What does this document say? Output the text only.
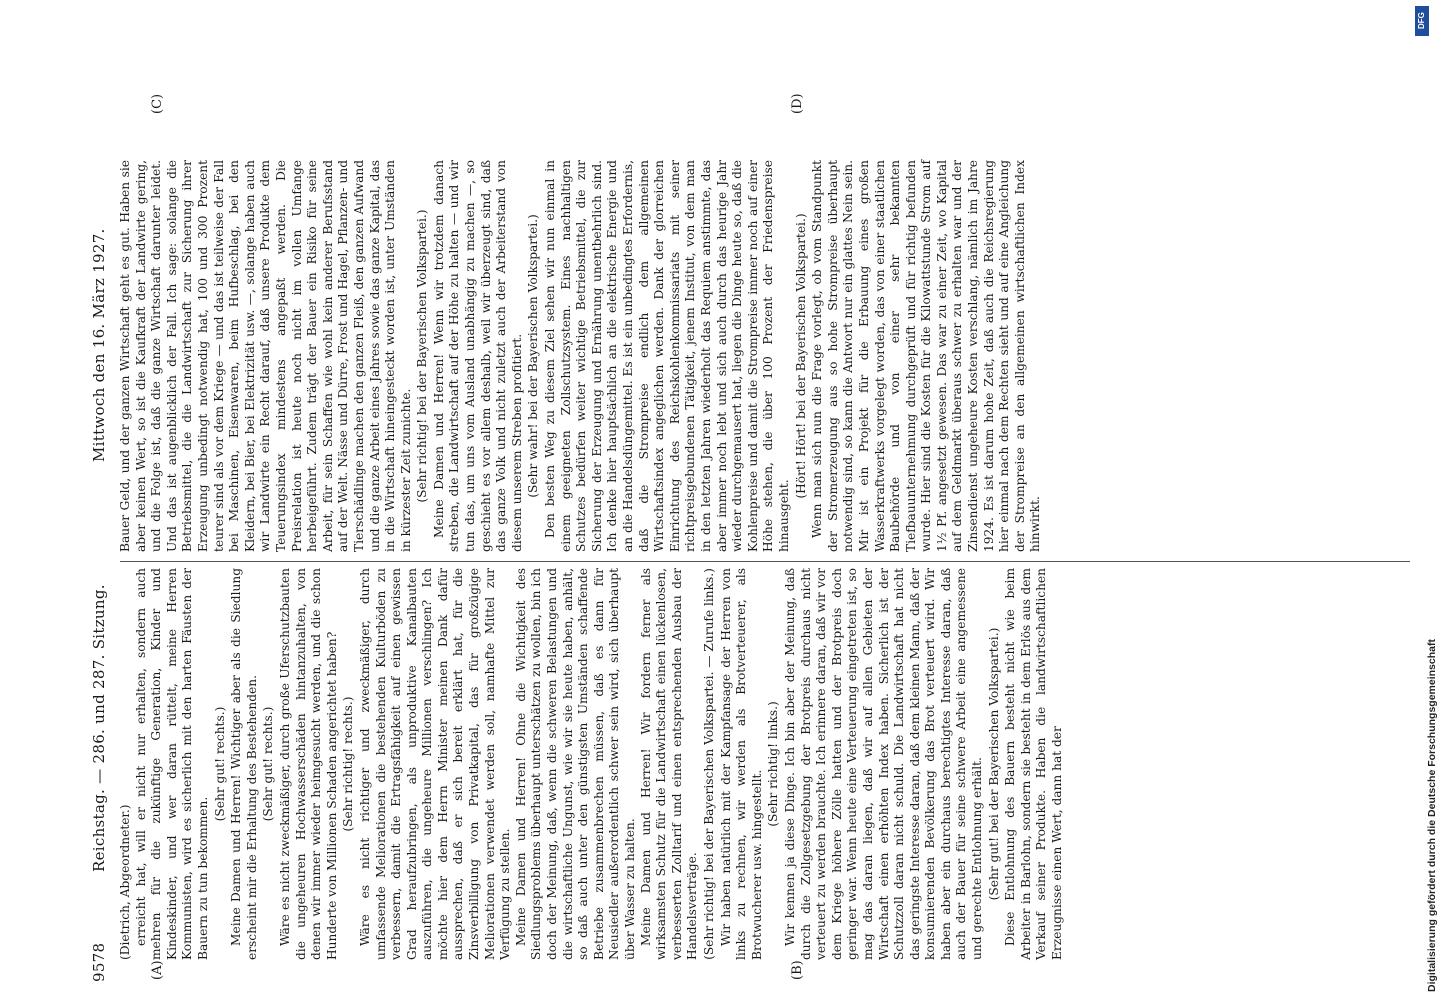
9578
Reichstag. — 286. und 287. Sitzung.
Mittwoch den 16. März 1927.
(A)	(B)
(C)	(D)

(Dietrich, Abgeordneter.) erreicht hat, will er nicht nur erhalten, sondern auch mehren für die zukünftige Generation, Kinder und Kindeskinder, und wer daran rüttelt, meine Herren Kommunisten, wird es sicherlich mit den harten Fäusten der Bauern zu tun bekommen.

(Sehr gut! rechts.) Meine Damen und Herren! Wichtiger aber als die Siedlung erscheint mir die Erhaltung des Bestehenden. (Sehr gut! rechts.) Wäre es nicht zweckmäßiger, durch große Uferschutzbauten die ungeheuren Hochwasserschäden hintanzuhalten, von denen wir immer wieder heimgesucht werden, und die schon Hunderte von Millionen Schaden angerichtet haben? (Sehr richtig! rechts.) Wäre es nicht richtiger und zweckmäßiger, durch umfassende Meliorationen die bestehenden Kulturböden zu verbessern, damit die Ertragsfähigkeit auf einen gewissen Grad heraufzubringen, als unproduktive Kanalbauten auszuführen, die ungeheure Millionen verschlingen? Ich möchte hier dem Herrn Minister meinen Dank dafür aussprechen, daß er sich bereit erklärt hat, für die Zinsverbilligung von Privatkapital, das für großzügige Meliorationen verwendet werden soll, namhafte Mittel zur Verfügung zu stellen. Meine Damen und Herren! Ohne die Wichtigkeit des Siedlungsproblems überhaupt unterschätzen zu wollen, bin ich doch der Meinung, daß, wenn die schweren Belastungen und die wirtschaftliche Ungunst, wie wir sie heute haben, anhält, so daß auch unter den günstigsten Umständen schaffende Betriebe zusammenbrechen müssen, daß es dann für Neusiedler außerordentlich schwer sein wird, sich überhaupt über Wasser zu halten. Meine Damen und Herren! Wir fordern ferner als wirksamsten Schutz für die Landwirtschaft einen lückenlosen, verbesserten Zolltarif und einen entsprechenden Ausbau der Handelsverträge. (Sehr richtig! bei der Bayerischen Volkspartei. — Zurufe links.) Wir haben natürlich mit der Kampfansage der Herren von links zu rechnen, wir werden als Brotverteuerer, als Brotwucherer usw. hingestellt.

(Sehr richtig! links.) Wir kennen ja diese Dinge. Ich bin aber der Meinung, daß durch die Zollgesetzgebung der Brotpreis durchaus nicht verteuert zu werden brauchte. Ich erinnere daran, daß wir vor dem Kriege höhere Zölle hatten und der Brotpreis doch geringer war. Wenn heute eine Verteuerung eingetreten ist, so mag das daran liegen, daß wir auf allen Gebieten der Wirtschaft einen erhöhten Index haben. Sicherlich ist der Schutzzoll daran nicht schuld. Die Landwirtschaft hat nicht das geringste Interesse daran, daß dem kleinen Mann, daß der konsumierenden Bevölkerung das Brot verteuert wird. Wir haben aber ein durchaus berechtigtes Interesse daran, daß auch der Bauer für seine schwere Arbeit eine angemessene und gerechte Entlohnung erhält. (Sehr gut! bei der Bayerischen Volkspartei.) Diese Entlohnung des Bauern besteht nicht wie beim Arbeiter in Barlohn, sondern sie besteht in dem Erlös aus dem Verkauf seiner Produkte. Haben die landwirtschaftlichen Erzeugnisse einen Wert, dann hat der

Bauer Geld, und der ganzen Wirtschaft geht es gut. Haben sie aber keinen Wert, so ist die Kaufkraft der Landwirte gering, und die Folge ist, daß die ganze Wirtschaft darunter leidet. Und das ist augenblicklich der Fall. Ich sage: solange die Betriebsmittel, die die Landwirtschaft zur Sicherung ihrer Erzeugung unbedingt notwendig hat, 100 und 300 Prozent teurer sind als vor dem Kriege — und das ist teilweise der Fall bei Maschinen, Eisenwaren, beim Hufbeschlag, bei den Kleidern, bei Bier, bei Elektrizität usw. —, solange haben auch wir Landwirte ein Recht darauf, daß unsere Produkte dem Teuerungsindex mindestens angepaßt werden. Die Preisrelation ist heute noch nicht im vollen Umfange herbeigeführt. Zudem trägt der Bauer ein Risiko für seine Arbeit, für sein Schaffen wie wohl kein anderer Berufsstand auf der Welt. Nässe und Dürre, Frost und Hagel, Pflanzen- und Tierschädlinge machen den ganzen Fleiß, den ganzen Aufwand und die ganze Arbeit eines Jahres sowie das ganze Kapital, das in die Wirtschaft hineingesteckt worden ist, unter Umständen in kürzester Zeit zunichte. (Sehr richtig! bei der Bayerischen Volkspartei.) Meine Damen und Herren! Wenn wir trotzdem danach streben, die Landwirtschaft auf der Höhe zu halten — und wir tun das, um uns vom Ausland unabhängig zu machen —, so geschieht es vor allem deshalb, weil wir überzeugt sind, daß das ganze Volk und nicht zuletzt auch der Arbeiterstand von diesem unserem Streben profitiert. (Sehr wahr! bei der Bayerischen Volkspartei.) Den besten Weg zu diesem Ziel sehen wir nun einmal in einem geeigneten Zollschutzsystem. Eines nachhaltigen Schutzes bedürfen weiter wichtige Betriebsmittel, die zur Sicherung der Erzeugung und Ernährung unentbehrlich sind. Ich denke hier hauptsächlich an die elektrische Energie und an die Handelsdüngemittel. Es ist ein unbedingtes Erfordernis, daß die Strompreise endlich dem allgemeinen Wirtschaftsindex angeglichen werden. Dank der glorreichen Einrichtung des Reichskohlenkommissariats mit seiner richtpreisgebundenen Tätigkeit, jenem Institut, von dem man in den letzten Jahren wiederholt das Requiem anstimmte, das aber immer noch lebt und sich auch durch das heurige Jahr wieder durchgemausert hat, liegen die Dinge heute so, daß die Kohlenpreise und damit die Strompreise immer noch auf einer Höhe stehen, die über 100 Prozent der Friedenspreise hinausgeht.

(Hört! Hört! bei der Bayerischen Volkspartei.) Wenn man sich nun die Frage vorlegt, ob vom Standpunkt der Stromerzeugung aus so hohe Strompreise überhaupt notwendig sind, so kann die Antwort nur ein glattes Nein sein. Mir ist ein Projekt für die Erbauung eines großen Wasserkraftwerks vorgelegt worden, das von einer staatlichen Baubehörde und von einer sehr bekannten Tiefbauunternehmung durchgeprüft und für richtig befunden wurde. Hier sind die Kosten für die Kilowattstunde Strom auf 1½ Pf. angesetzt gewesen. Das war zu einer Zeit, wo Kapital auf dem Geldmarkt überaus schwer zu erhalten war und der Zinsendienst ungeheure Kosten verschlang, nämlich im Jahre 1924. Es ist darum hohe Zeit, daß auch die Reichsregierung hier einmal nach dem Rechten sieht und auf eine Angleichung der Strompreise an den allgemeinen wirtschaftlichen Index hinwirkt.

DFG
Digitalisierung gefördert durch die Deutsche Forschungsgemeinschaft
